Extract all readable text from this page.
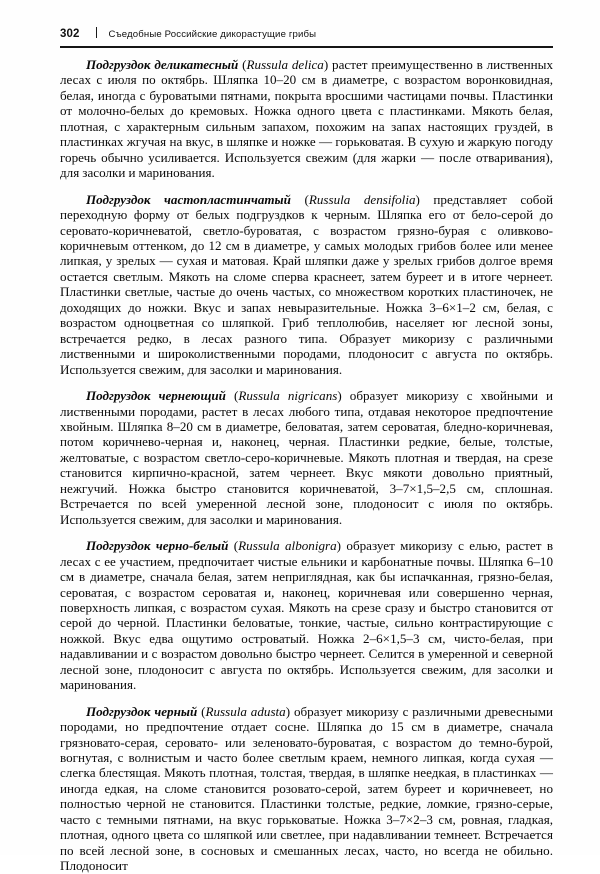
302	Съедобные Российские дикорастущие грибы

Подгруздок деликатесный (Russula delica) растет преимущественно в лиственных лесах с июля по октябрь. Шляпка 10–20 см в диаметре, с возрастом воронковидная, белая, иногда с буроватыми пятнами, покрыта вросшими частицами почвы. Пластинки от молочно-белых до кремовых. Ножка одного цвета с пластинками. Мякоть белая, плотная, с характерным сильным запахом, похожим на запах настоящих груздей, в пластинках жгучая на вкус, в шляпке и ножке — горьковатая. В сухую и жаркую погоду горечь обычно усиливается. Используется свежим (для жарки — после отваривания), для засолки и маринования.

Подгруздок частопластинчатый (Russula densifolia) представляет собой переходную форму от белых подгруздков к черным. Шляпка его от бело-серой до серовато-коричневатой, светло-буроватая, с возрастом грязно-бурая с оливково-коричневым оттенком, до 12 см в диаметре, у самых молодых грибов более или менее липкая, у зрелых — сухая и матовая. Край шляпки даже у зрелых грибов долгое время остается светлым. Мякоть на сломе сперва краснеет, затем буреет и в итоге чернеет. Пластинки светлые, частые до очень частых, со множеством коротких пластиночек, не доходящих до ножки. Вкус и запах невыразительные. Ножка 3–6×1–2 см, белая, с возрастом одноцветная со шляпкой. Гриб теплолюбив, населяет юг лесной зоны, встречается редко, в лесах разного типа. Образует микоризу с различными лиственными и широколиственными породами, плодоносит с августа по октябрь. Используется свежим, для засолки и маринования.

Подгруздок чернеющий (Russula nigricans) образует микоризу с хвойными и лиственными породами, растет в лесах любого типа, отдавая некоторое предпочтение хвойным. Шляпка 8–20 см в диаметре, беловатая, затем сероватая, бледно-коричневая, потом коричнево-черная и, наконец, черная. Пластинки редкие, белые, толстые, желтоватые, с возрастом светло-серо-коричневые. Мякоть плотная и твердая, на срезе становится кирпично-красной, затем чернеет. Вкус мякоти довольно приятный, нежгучий. Ножка быстро становится коричневатой, 3–7×1,5–2,5 см, сплошная. Встречается по всей умеренной лесной зоне, плодоносит с июля по октябрь. Используется свежим, для засолки и маринования.

Подгруздок черно-белый (Russula albonigra) образует микоризу с елью, растет в лесах с ее участием, предпочитает чистые ельники и карбонатные почвы. Шляпка 6–10 см в диаметре, сначала белая, затем неприглядная, как бы испачканная, грязно-белая, сероватая, с возрастом сероватая и, наконец, коричневая или совершенно черная, поверхность липкая, с возрастом сухая. Мякоть на срезе сразу и быстро становится от серой до черной. Пластинки беловатые, тонкие, частые, сильно контрастирующие с ножкой. Вкус едва ощутимо островатый. Ножка 2–6×1,5–3 см, чисто-белая, при надавливании и с возрастом довольно быстро чернеет. Селится в умеренной и северной лесной зоне, плодоносит с августа по октябрь. Используется свежим, для засолки и маринования.

Подгруздок черный (Russula adusta) образует микоризу с различными древесными породами, но предпочтение отдает сосне. Шляпка до 15 см в диаметре, сначала грязновато-серая, серовато- или зеленовато-буроватая, с возрастом до темно-бурой, вогнутая, с волнистым и часто более светлым краем, немного липкая, когда сухая — слегка блестящая. Мякоть плотная, толстая, твердая, в шляпке неедкая, в пластинках — иногда едкая, на сломе становится розовато-серой, затем буреет и коричневеет, но полностью черной не становится. Пластинки толстые, редкие, ломкие, грязно-серые, часто с темными пятнами, на вкус горьковатые. Ножка 3–7×2–3 см, ровная, гладкая, плотная, одного цвета со шляпкой или светлее, при надавливании темнеет. Встречается по всей лесной зоне, в сосновых и смешанных лесах, часто, но всегда не обильно. Плодоносит
